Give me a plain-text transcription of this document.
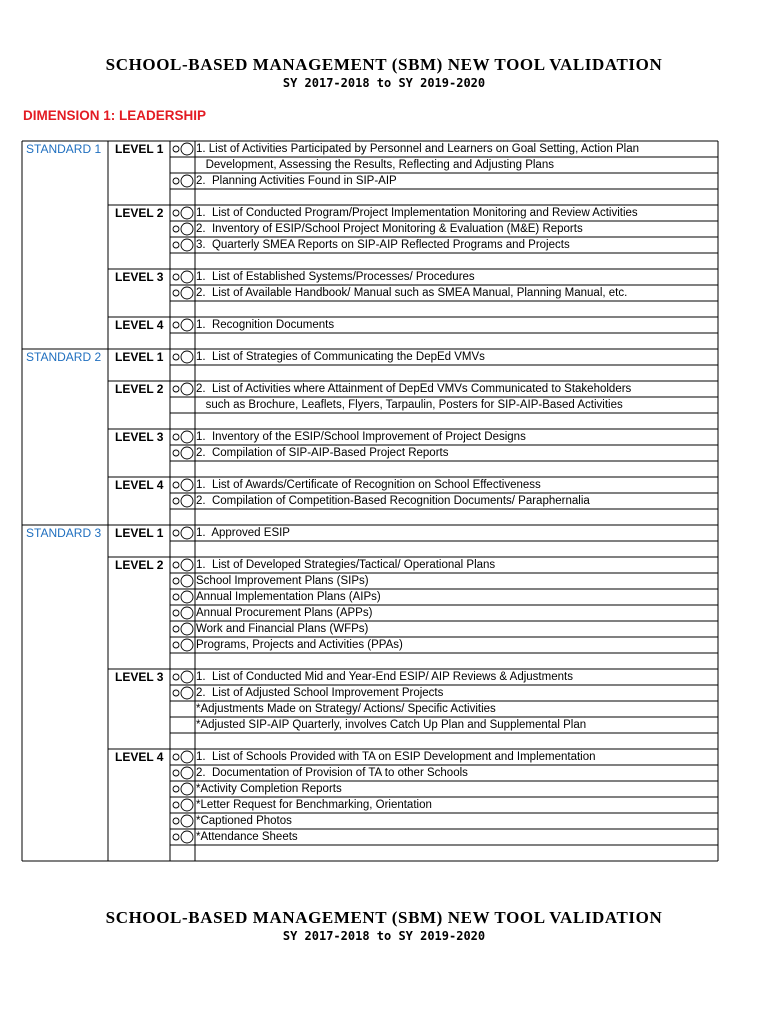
SCHOOL-BASED MANAGEMENT (SBM) NEW TOOL VALIDATION
SY 2017-2018 to SY 2019-2020
DIMENSION 1: LEADERSHIP
STANDARD 1 LEVEL 1	1. List of Activities Participated by Personnel and Learners on Goal Setting, Action Plan
Development, Assessing the Results, Reflecting and Adjusting Plans
2.  Planning Activities Found in SIP-AIP
LEVEL 2	1.  List of Conducted Program/Project Implementation Monitoring and Review Activities
2.  Inventory of ESIP/School Project Monitoring & Evaluation (M&E) Reports
3.  Quarterly SMEA Reports on SIP-AIP Reflected Programs and Projects
LEVEL 3	1.  List of Established Systems/Processes/ Procedures
2.  List of Available Handbook/ Manual such as SMEA Manual, Planning Manual, etc.
LEVEL 4	1.  Recognition Documents
STANDARD 2 LEVEL 1	1.  List of Strategies of Communicating the DepEd VMVs
LEVEL 2	2.  List of Activities where Attainment of DepEd VMVs Communicated to Stakeholders
such as Brochure, Leaflets, Flyers, Tarpaulin, Posters for SIP-AIP-Based Activities
LEVEL 3	1.  Inventory of the ESIP/School Improvement of Project Designs
2.  Compilation of SIP-AIP-Based Project Reports
LEVEL 4	1.  List of Awards/Certificate of Recognition on School Effectiveness
2.  Compilation of Competition-Based Recognition Documents/ Paraphernalia
STANDARD 3 LEVEL 1	1.  Approved ESIP
LEVEL 2	1.  List of Developed Strategies/Tactical/ Operational Plans
School Improvement Plans (SIPs)
Annual Implementation Plans (AIPs)
Annual Procurement Plans (APPs)
Work and Financial Plans (WFPs)
Programs, Projects and Activities (PPAs)
LEVEL 3	1.  List of Conducted Mid and Year-End ESIP/ AIP Reviews & Adjustments
2.  List of Adjusted School Improvement Projects
*Adjustments Made on Strategy/ Actions/ Specific Activities
*Adjusted SIP-AIP Quarterly, involves Catch Up Plan and Supplemental Plan
LEVEL 4	1.  List of Schools Provided with TA on ESIP Development and Implementation
2.  Documentation of Provision of TA to other Schools
*Activity Completion Reports
*Letter Request for Benchmarking, Orientation
*Captioned Photos
*Attendance Sheets
SCHOOL-BASED MANAGEMENT (SBM) NEW TOOL VALIDATION
SY 2017-2018 to SY 2019-2020
